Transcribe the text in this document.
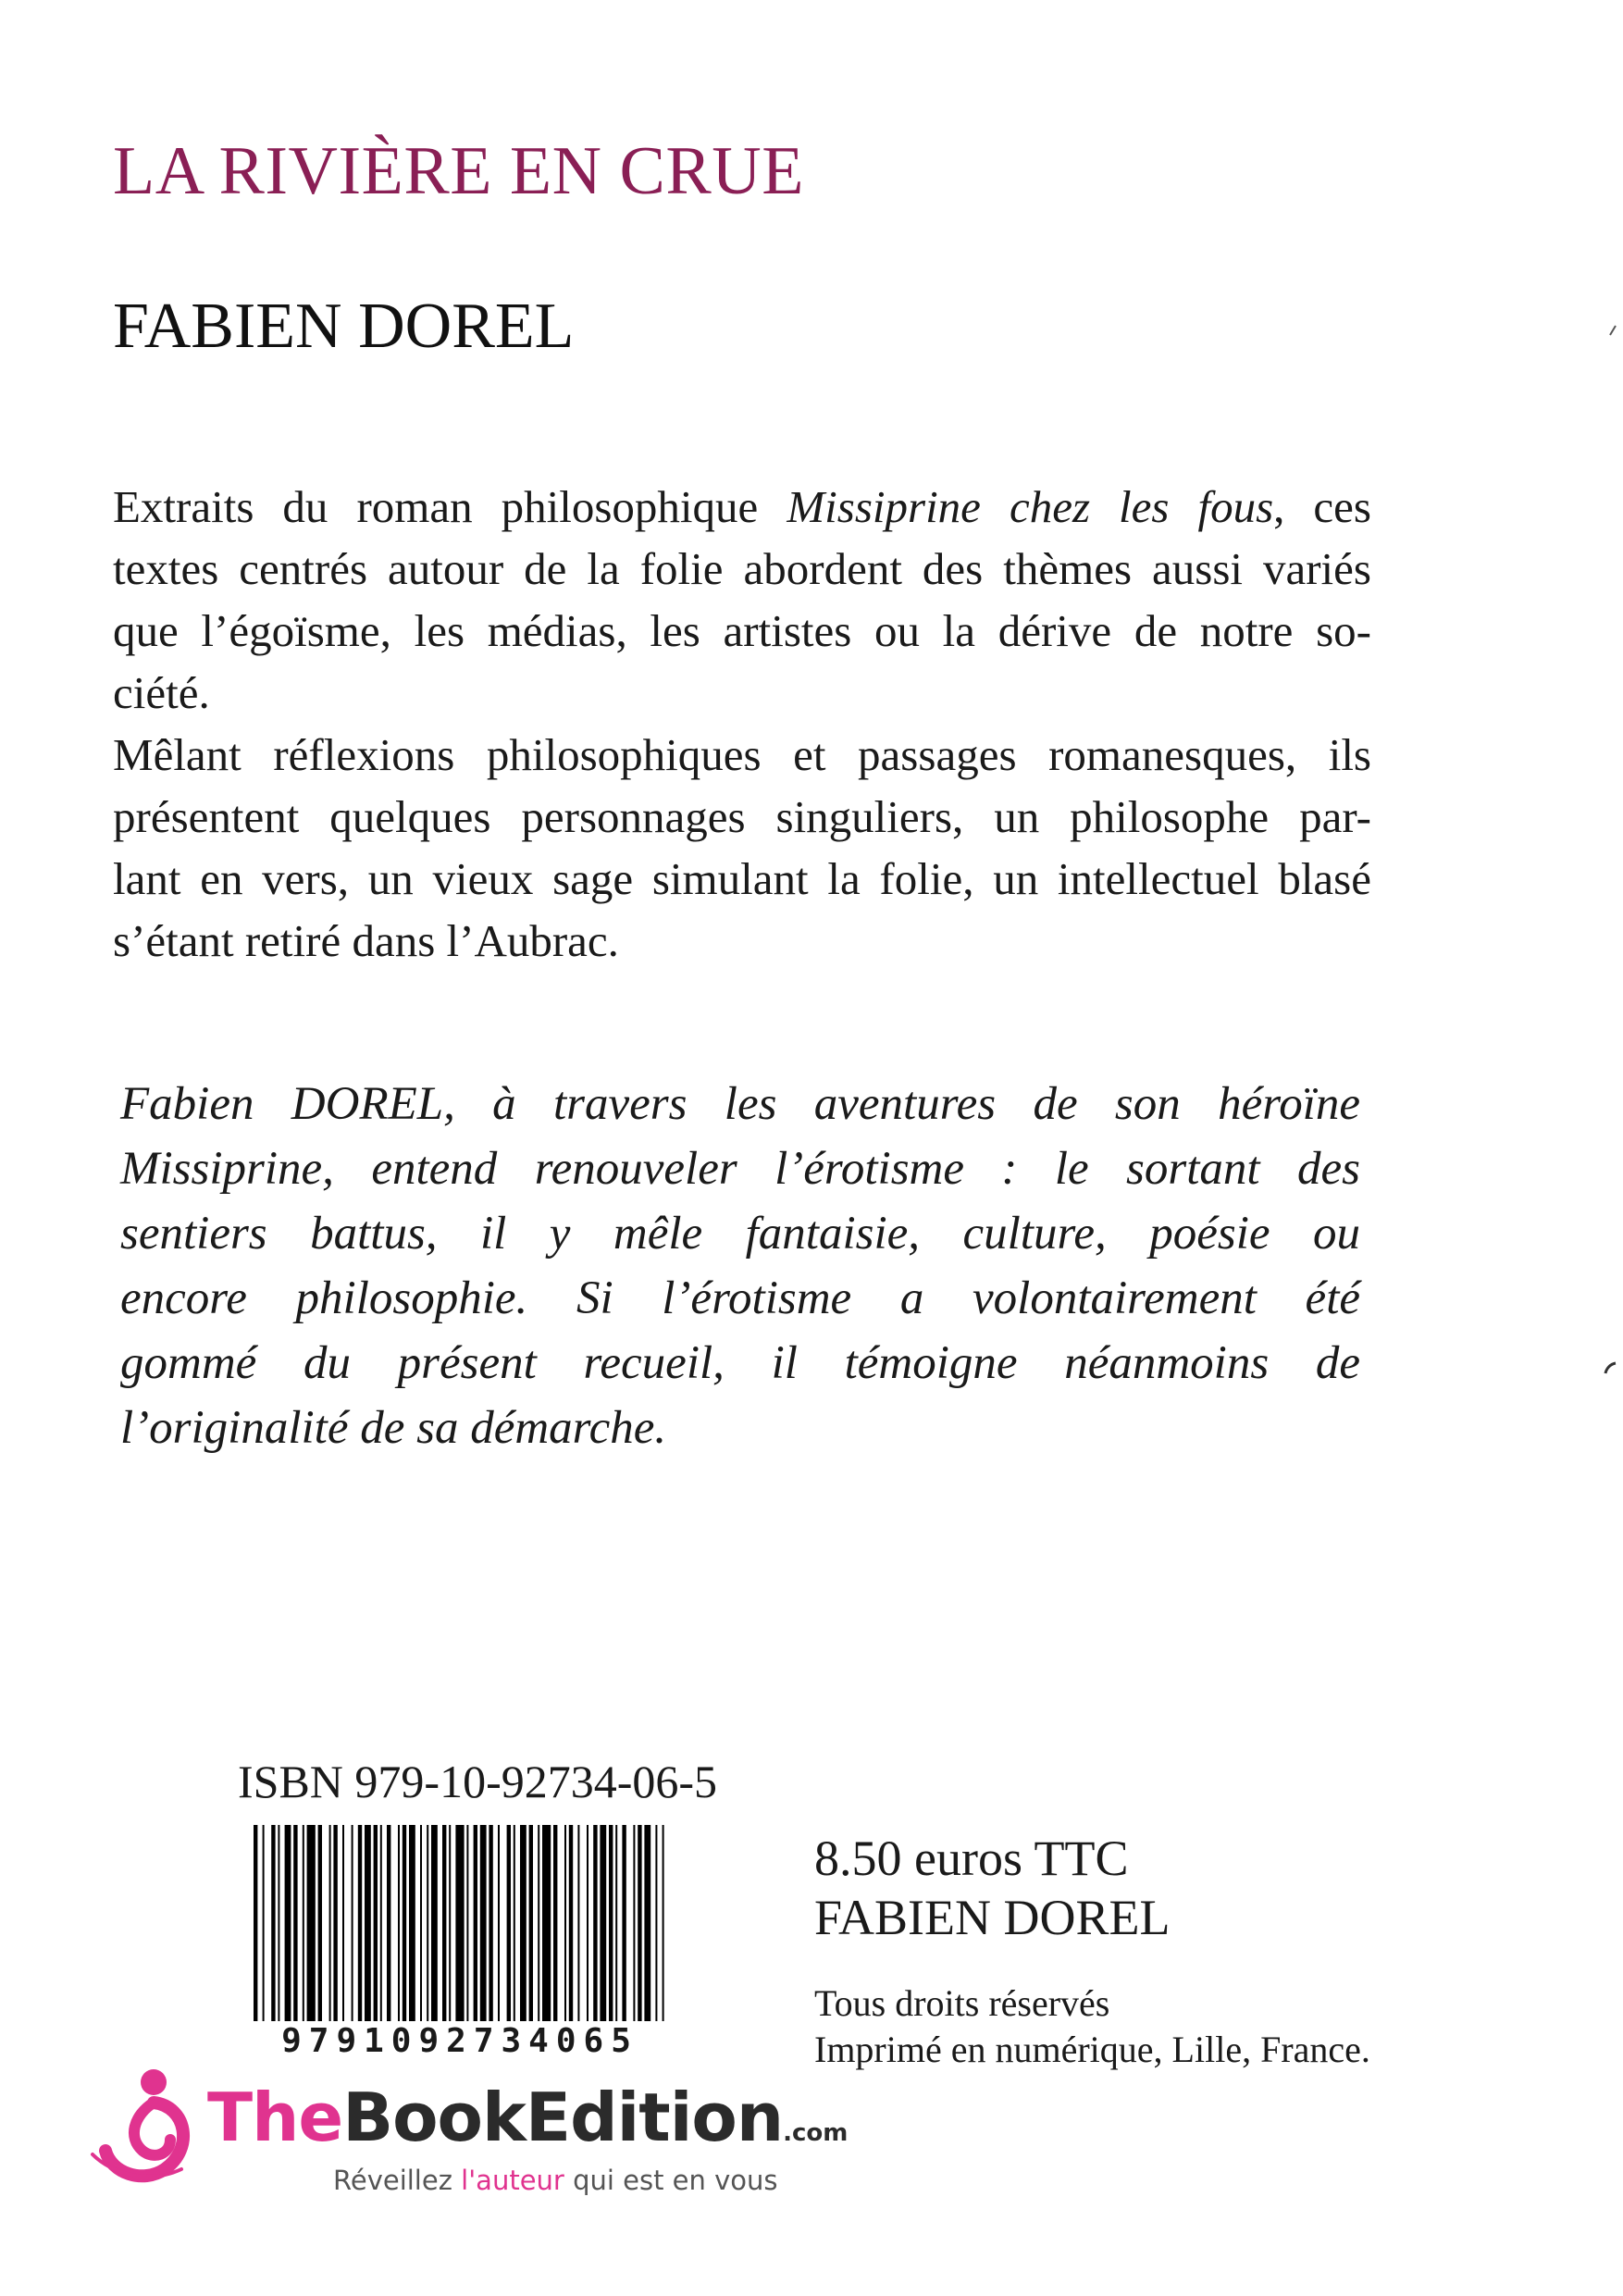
LA RIVIÈRE EN CRUE
FABIEN DOREL
Extraits du roman philosophique Missiprine chez les fous, ces
textes centrés autour de la folie abordent des thèmes aussi variés
que l’égoïsme, les médias, les artistes ou la dérive de notre so-
ciété.
Mêlant réflexions philosophiques et passages romanesques, ils
présentent quelques personnages singuliers, un philosophe par-
lant en vers, un vieux sage simulant la folie, un intellectuel blasé
s’étant retiré dans l’Aubrac.
Fabien DOREL, à travers les aventures de son héroïne
Missiprine, entend renouveler l’érotisme : le sortant des
sentiers battus, il y mêle fantaisie, culture, poésie ou
encore philosophie. Si l’érotisme a volontairement été
gommé du présent recueil, il témoigne néanmoins de
l’originalité de sa démarche.
ISBN 979-10-92734-06-5
9791092734065
8.50 euros TTC
FABIEN DOREL
Tous droits réservés
Imprimé en numérique, Lille, France.
TheBookEdition.com
Réveillez l'auteur qui est en vous
